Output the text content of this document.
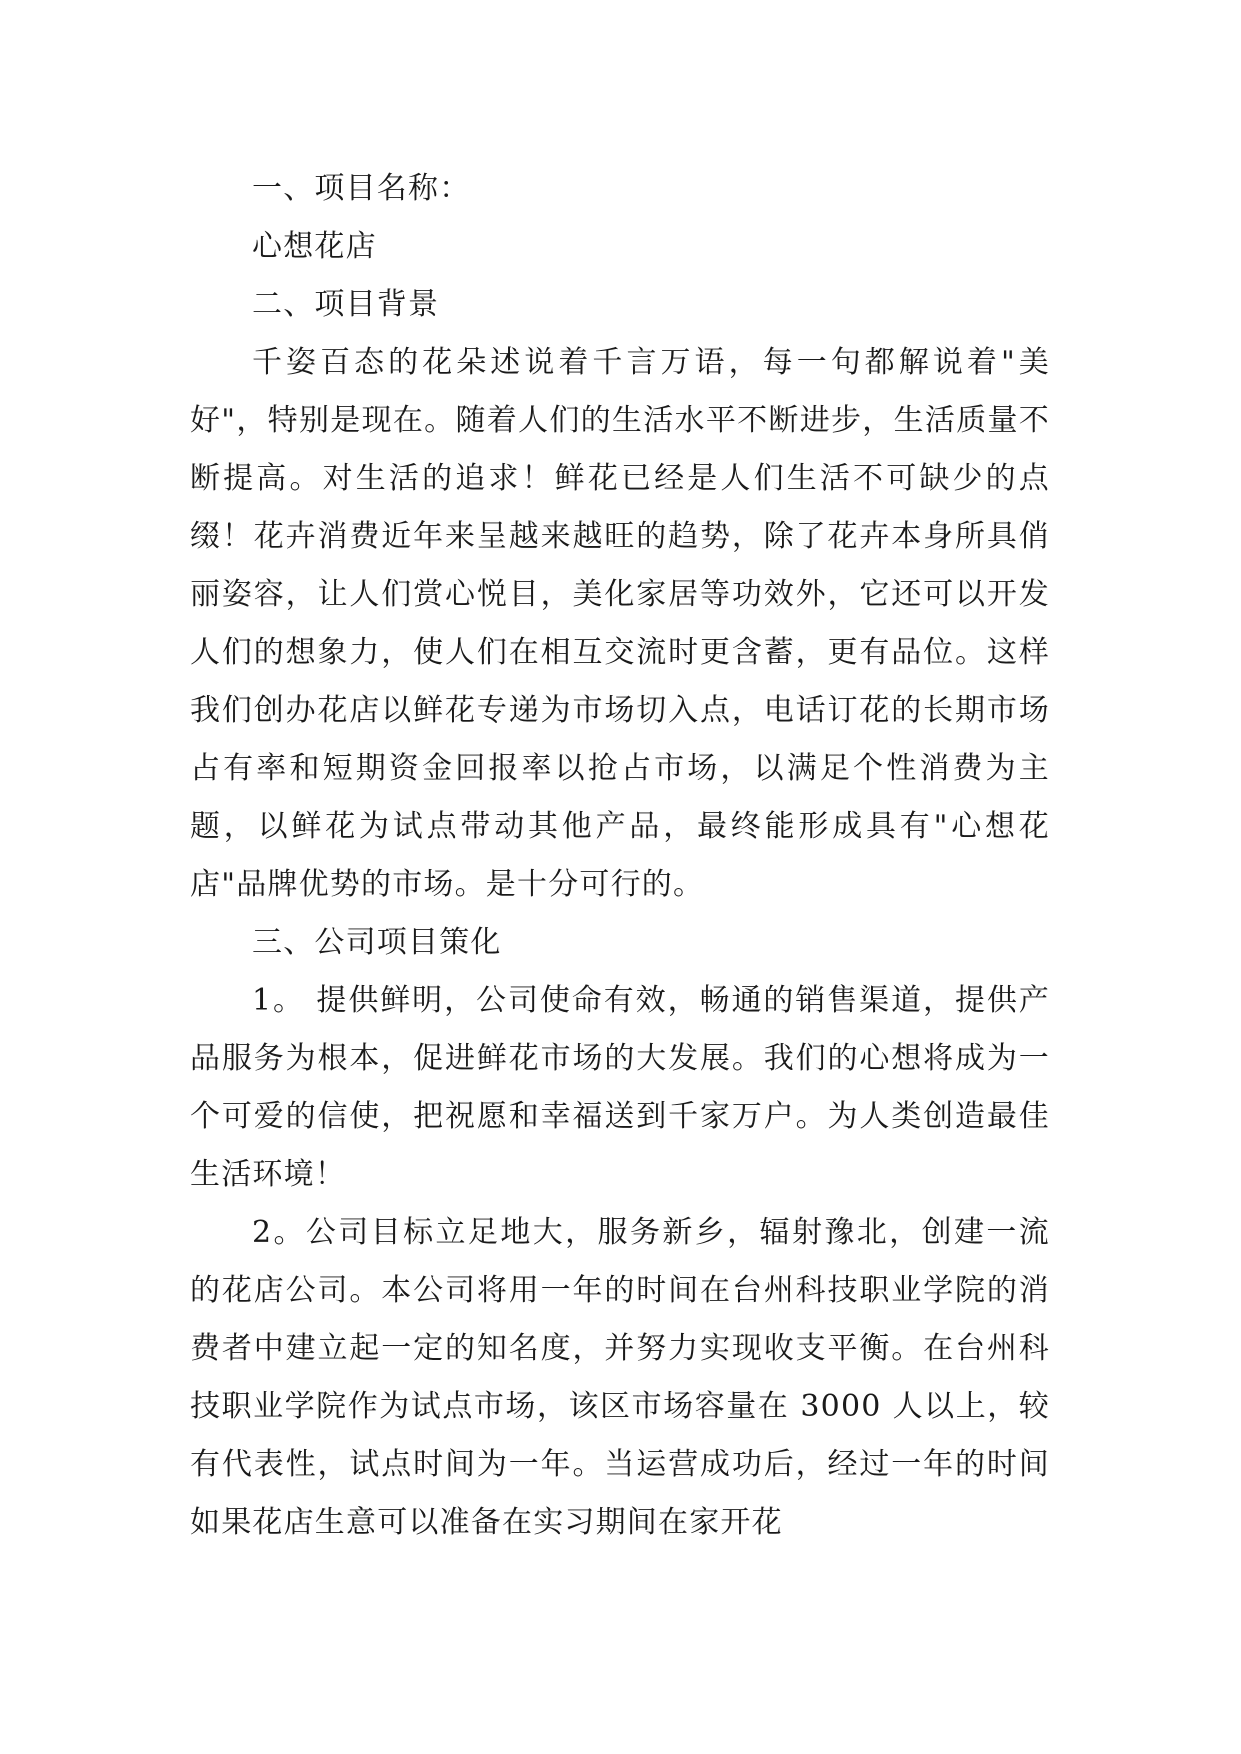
一、项目名称：
心想花店
二、项目背景

千姿百态的花朵述说着千言万语，每一句都解说着"美好"，特别是现在。随着人们的生活水平不断进步，生活质量不断提高。对生活的追求！鲜花已经是人们生活不可缺少的点缀！花卉消费近年来呈越来越旺的趋势，除了花卉本身所具俏丽姿容，让人们赏心悦目，美化家居等功效外，它还可以开发人们的想象力，使人们在相互交流时更含蓄，更有品位。这样我们创办花店以鲜花专递为市场切入点，电话订花的长期市场占有率和短期资金回报率以抢占市场，以满足个性消费为主题，以鲜花为试点带动其他产品，最终能形成具有"心想花店"品牌优势的市场。是十分可行的。

三、公司项目策化

1。 提供鲜明，公司使命有效，畅通的销售渠道，提供产品服务为根本，促进鲜花市场的大发展。我们的心想将成为一个可爱的信使，把祝愿和幸福送到千家万户。为人类创造最佳生活环境！

2。公司目标立足地大，服务新乡，辐射豫北，创建一流的花店公司。本公司将用一年的时间在台州科技职业学院的消费者中建立起一定的知名度，并努力实现收支平衡。在台州科技职业学院作为试点市场，该区市场容量在 3000 人以上，较有代表性，试点时间为一年。当运营成功后，经过一年的时间如果花店生意可以准备在实习期间在家开花
